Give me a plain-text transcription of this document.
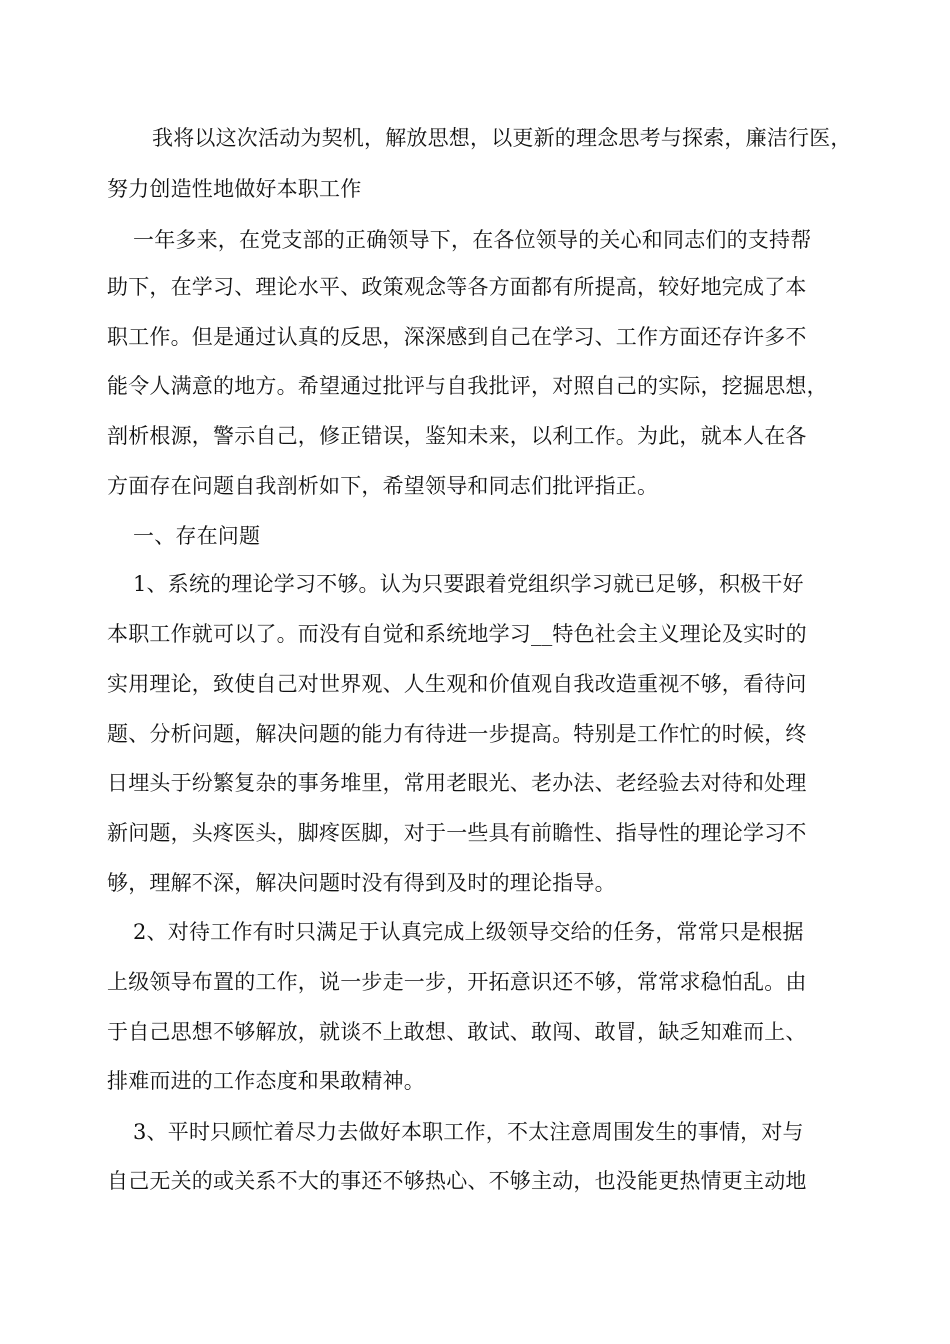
我将以这次活动为契机，解放思想，以更新的理念思考与探索，廉洁行医，
努力创造性地做好本职工作
一年多来，在党支部的正确领导下，在各位领导的关心和同志们的支持帮
助下，在学习、理论水平、政策观念等各方面都有所提高，较好地完成了本
职工作。但是通过认真的反思，深深感到自己在学习、工作方面还存许多不
能令人满意的地方。希望通过批评与自我批评，对照自己的实际，挖掘思想，
剖析根源，警示自己，修正错误，鉴知未来，以利工作。为此，就本人在各
方面存在问题自我剖析如下，希望领导和同志们批评指正。
一、存在问题
1、系统的理论学习不够。认为只要跟着党组织学习就已足够，积极干好
本职工作就可以了。而没有自觉和系统地学习__特色社会主义理论及实时的
实用理论，致使自己对世界观、人生观和价值观自我改造重视不够，看待问
题、分析问题，解决问题的能力有待进一步提高。特别是工作忙的时候，终
日埋头于纷繁复杂的事务堆里，常用老眼光、老办法、老经验去对待和处理
新问题，头疼医头，脚疼医脚，对于一些具有前瞻性、指导性的理论学习不
够，理解不深，解决问题时没有得到及时的理论指导。
2、对待工作有时只满足于认真完成上级领导交给的任务，常常只是根据
上级领导布置的工作，说一步走一步，开拓意识还不够，常常求稳怕乱。由
于自己思想不够解放，就谈不上敢想、敢试、敢闯、敢冒，缺乏知难而上、
排难而进的工作态度和果敢精神。
3、平时只顾忙着尽力去做好本职工作，不太注意周围发生的事情，对与
自己无关的或关系不大的事还不够热心、不够主动，也没能更热情更主动地
